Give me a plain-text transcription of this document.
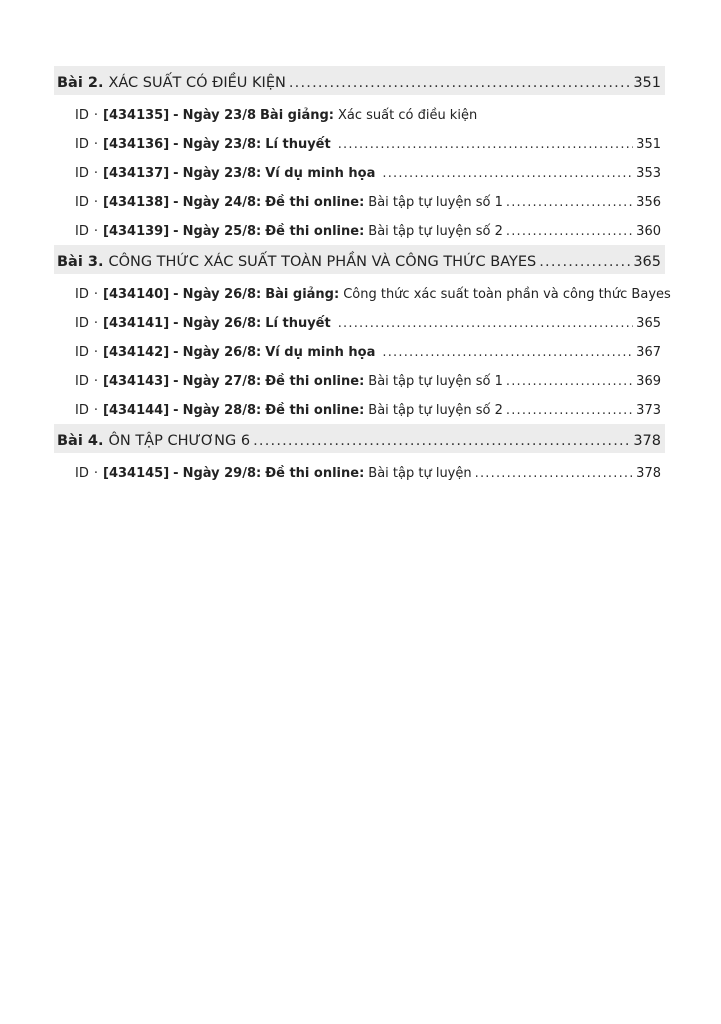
Bài 2. XÁC SUẤT CÓ ĐIỀU KIỆN .....	351
ID · [434135] - Ngày 23/8 Bài giảng: Xác suất có điều kiện
ID · [434136] - Ngày 23/8: Lí thuyết .....	351
ID · [434137] - Ngày 23/8: Ví dụ minh họa .....	353
ID · [434138] - Ngày 24/8: Đề thi online: Bài tập tự luyện số 1 .....	356
ID · [434139] - Ngày 25/8: Đề thi online: Bài tập tự luyện số 2 .....	360
Bài 3. CÔNG THỨC XÁC SUẤT TOÀN PHẦN VÀ CÔNG THỨC BAYES .....	365
ID · [434140] - Ngày 26/8: Bài giảng: Công thức xác suất toàn phần và công thức Bayes
ID · [434141] - Ngày 26/8: Lí thuyết .....	365
ID · [434142] - Ngày 26/8: Ví dụ minh họa .....	367
ID · [434143] - Ngày 27/8: Đề thi online: Bài tập tự luyện số 1 .....	369
ID · [434144] - Ngày 28/8: Đề thi online: Bài tập tự luyện số 2 .....	373
Bài 4. ÔN TẬP CHƯƠNG 6 .....	378
ID · [434145] - Ngày 29/8: Đề thi online: Bài tập tự luyện .....	378
